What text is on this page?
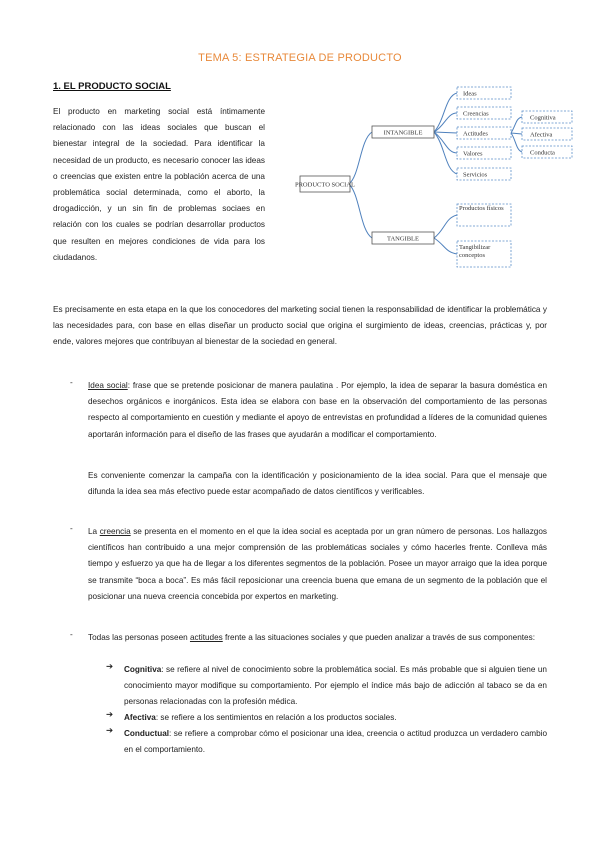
TEMA 5: ESTRATEGIA DE PRODUCTO
1. EL PRODUCTO SOCIAL
El producto en marketing social está íntimamente relacionado con las ideas sociales que buscan el bienestar integral de la sociedad. Para identificar la necesidad de un producto, es necesario conocer las ideas o creencias que existen entre la población acerca de una problemática social determinada, como el aborto, la drogadicción, y un sin fin de problemas sociaes en relación con los cuales se podrían desarrollar productos que resulten en mejores condiciones de vida para los ciudadanos.
PRODUCTO SOCIAL
INTANGIBLE
TANGIBLE
Ideas
Creencias
Actitudes
Valores
Servicios
Cognitiva
Afectiva
Conducta
Productos físicos
Tangibilizar conceptos
Es precisamente en esta etapa en la que los conocedores del marketing social tienen la responsabilidad de identificar la problemática y las necesidades para, con base en ellas diseñar un producto social que origina el surgimiento de ideas, creencias, prácticas y, por ende, valores mejores que contribuyan al bienestar de la sociedad en general.
- Idea social: frase que se pretende posicionar de manera paulatina . Por ejemplo, la idea de separar la basura doméstica en desechos orgánicos e inorgánicos. Esta idea se elabora con base en la observación del comportamiento de las personas respecto al comportamiento en cuestión y mediante el apoyo de entrevistas en profundidad a líderes de la comunidad quienes aportarán información para el diseño de las frases que ayudarán a modificar el comportamiento.
Es conveniente comenzar la campaña con la identificación y posicionamiento de la idea social. Para que el mensaje que difunda la idea sea más efectivo puede estar acompañado de datos científicos y verificables.
- La creencia se presenta en el momento en el que la idea social es aceptada por un gran número de personas. Los hallazgos científicos han contribuido a una mejor comprensión de las problemáticas sociales y cómo hacerles frente. Conlleva más tiempo y esfuerzo ya que ha de llegar a los diferentes segmentos de la población. Posee un mayor arraigo que la idea porque se transmite “boca a boca”. Es más fácil reposicionar una creencia buena que emana de un segmento de la población que el posicionar una nueva creencia concebida por expertos en marketing.
- Todas las personas poseen actitudes frente a las situaciones sociales y que pueden analizar a través de sus componentes:
➔ Cognitiva: se refiere al nivel de conocimiento sobre la problemática social. Es más probable que si alguien tiene un conocimiento mayor modifique su comportamiento. Por ejemplo el índice más bajo de adicción al tabaco se da en personas relacionadas con la profesión médica.
➔ Afectiva: se refiere a los sentimientos en relación a los productos sociales.
➔ Conductual: se refiere a comprobar cómo el posicionar una idea, creencia o actitud produzca un verdadero cambio en el comportamiento.
